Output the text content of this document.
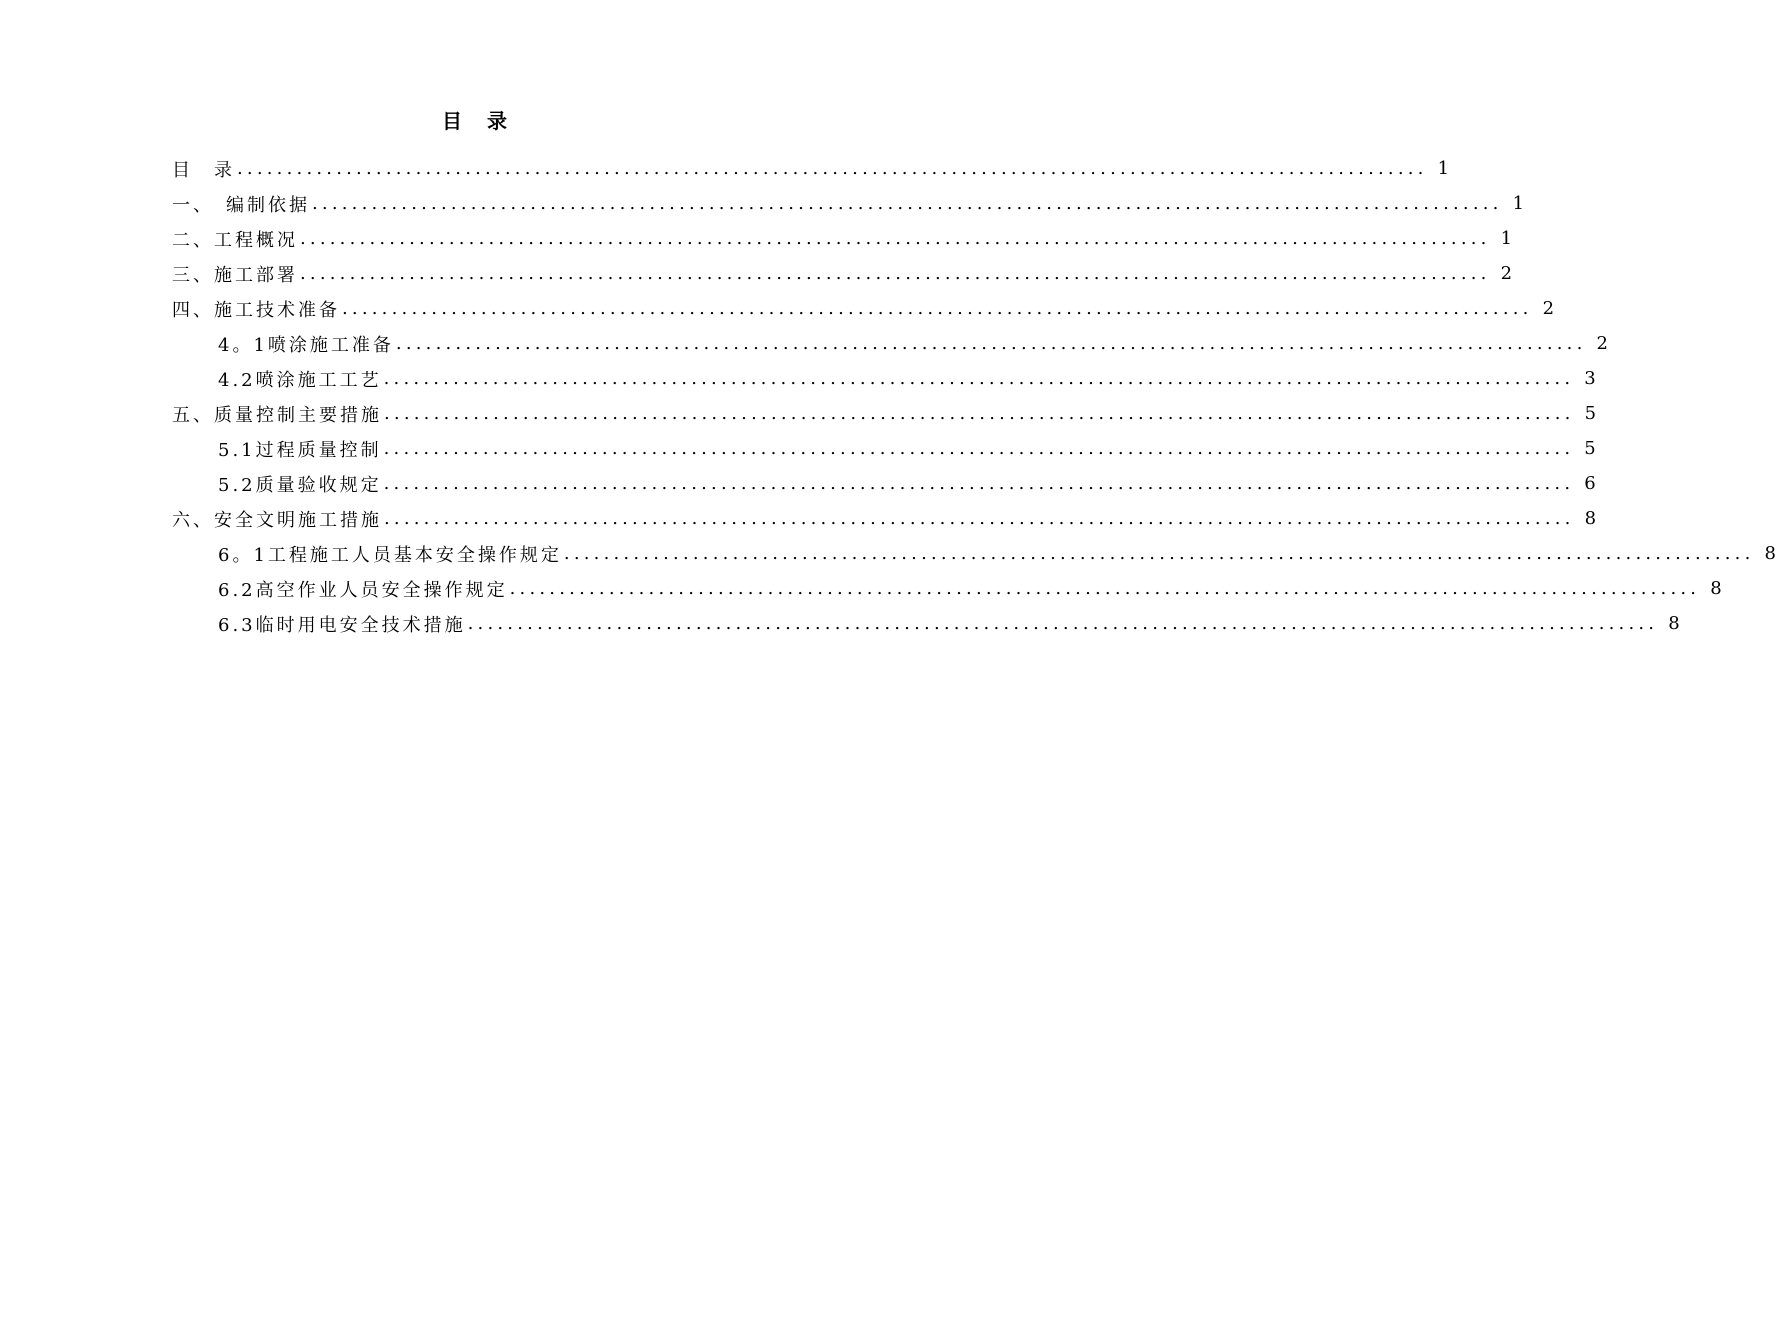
目 录
目　录 ........................................................................................................................ 1
一、　编制依据 ........................................................................................................................ 1
二、工程概况 ........................................................................................................................ 1
三、施工部署 ........................................................................................................................ 2
四、施工技术准备 ........................................................................................................................ 2
4。1喷涂施工准备 ........................................................................................................................ 2
4.2喷涂施工工艺 ........................................................................................................................ 3
五、质量控制主要措施 ........................................................................................................................ 5
5.1过程质量控制 ........................................................................................................................ 5
5.2质量验收规定 ........................................................................................................................ 6
六、安全文明施工措施 ........................................................................................................................ 8
6。1工程施工人员基本安全操作规定 ........................................................................................................................ 8
6.2高空作业人员安全操作规定 ........................................................................................................................ 8
6.3临时用电安全技术措施 ........................................................................................................................ 8
